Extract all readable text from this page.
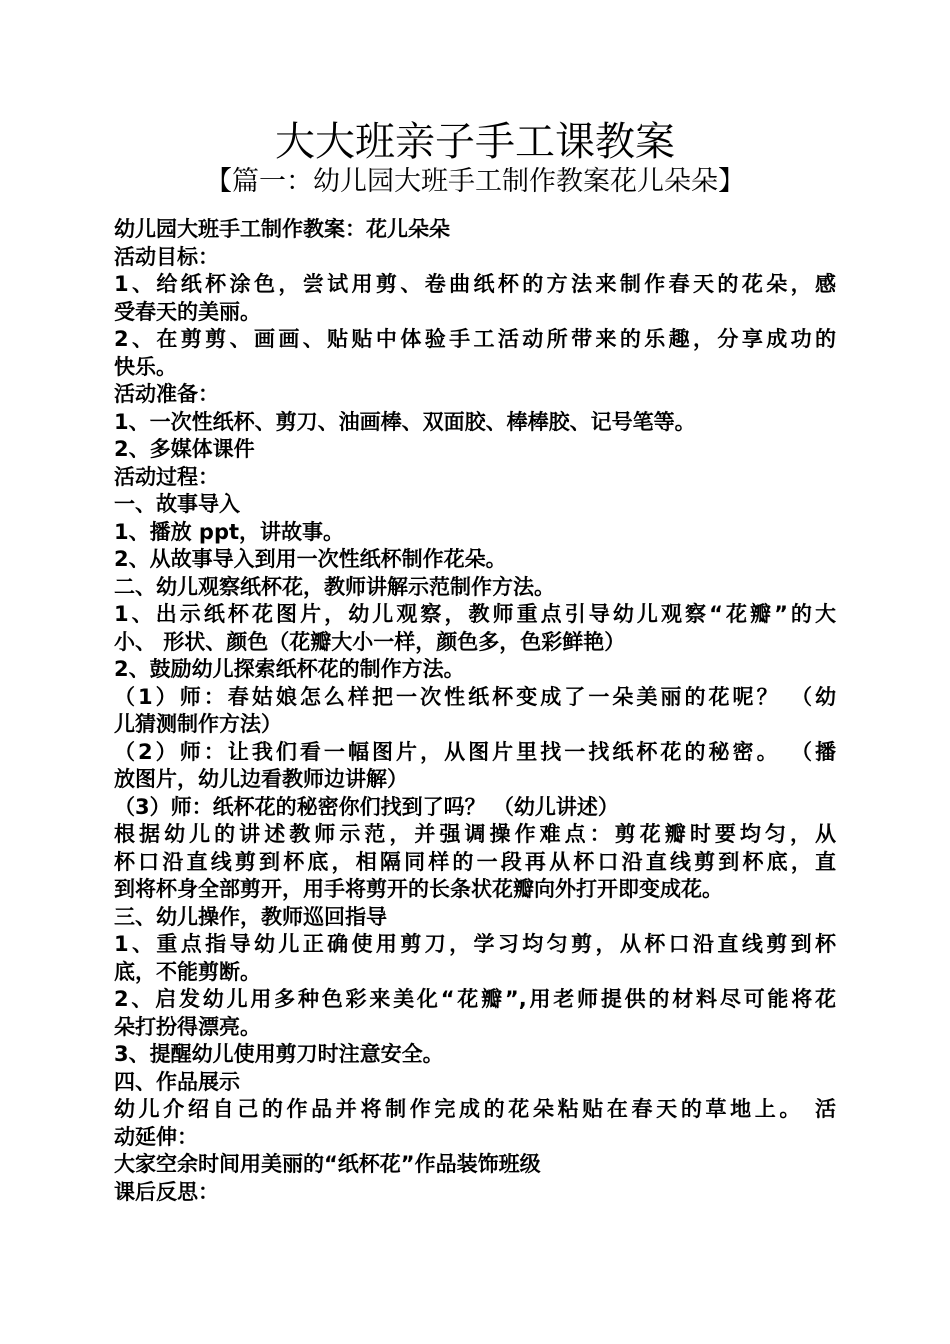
大大班亲子手工课教案
【篇一：幼儿园大班手工制作教案花儿朵朵】
幼儿园大班手工制作教案：花儿朵朵
活动目标：
1、给纸杯涂色，尝试用剪、卷曲纸杯的方法来制作春天的花朵，感
受春天的美丽。
2、在剪剪、画画、贴贴中体验手工活动所带来的乐趣，分享成功的
快乐。
活动准备：
1、一次性纸杯、剪刀、油画棒、双面胶、棒棒胶、记号笔等。
2、多媒体课件
活动过程：
一、故事导入
1、播放 ppt，讲故事。
2、从故事导入到用一次性纸杯制作花朵。
二、幼儿观察纸杯花，教师讲解示范制作方法。
1、出示纸杯花图片，幼儿观察，教师重点引导幼儿观察“花瓣”的大
小、 形状、颜色（花瓣大小一样，颜色多，色彩鲜艳）
2、鼓励幼儿探索纸杯花的制作方法。
（1）师：春姑娘怎么样把一次性纸杯变成了一朵美丽的花呢？ （幼
儿猜测制作方法）
（2）师：让我们看一幅图片，从图片里找一找纸杯花的秘密。 （播
放图片，幼儿边看教师边讲解）
（3）师：纸杯花的秘密你们找到了吗？ （幼儿讲述）
根据幼儿的讲述教师示范，并强调操作难点：剪花瓣时要均匀，从
杯口沿直线剪到杯底，相隔同样的一段再从杯口沿直线剪到杯底，直
到将杯身全部剪开，用手将剪开的长条状花瓣向外打开即变成花。
三、幼儿操作，教师巡回指导
1、重点指导幼儿正确使用剪刀，学习均匀剪，从杯口沿直线剪到杯
底，不能剪断。
2、启发幼儿用多种色彩来美化“花瓣”,用老师提供的材料尽可能将花
朵打扮得漂亮。
3、提醒幼儿使用剪刀时注意安全。
四、作品展示
幼儿介绍自己的作品并将制作完成的花朵粘贴在春天的草地上。 活
动延伸：
大家空余时间用美丽的“纸杯花”作品装饰班级
课后反思：
